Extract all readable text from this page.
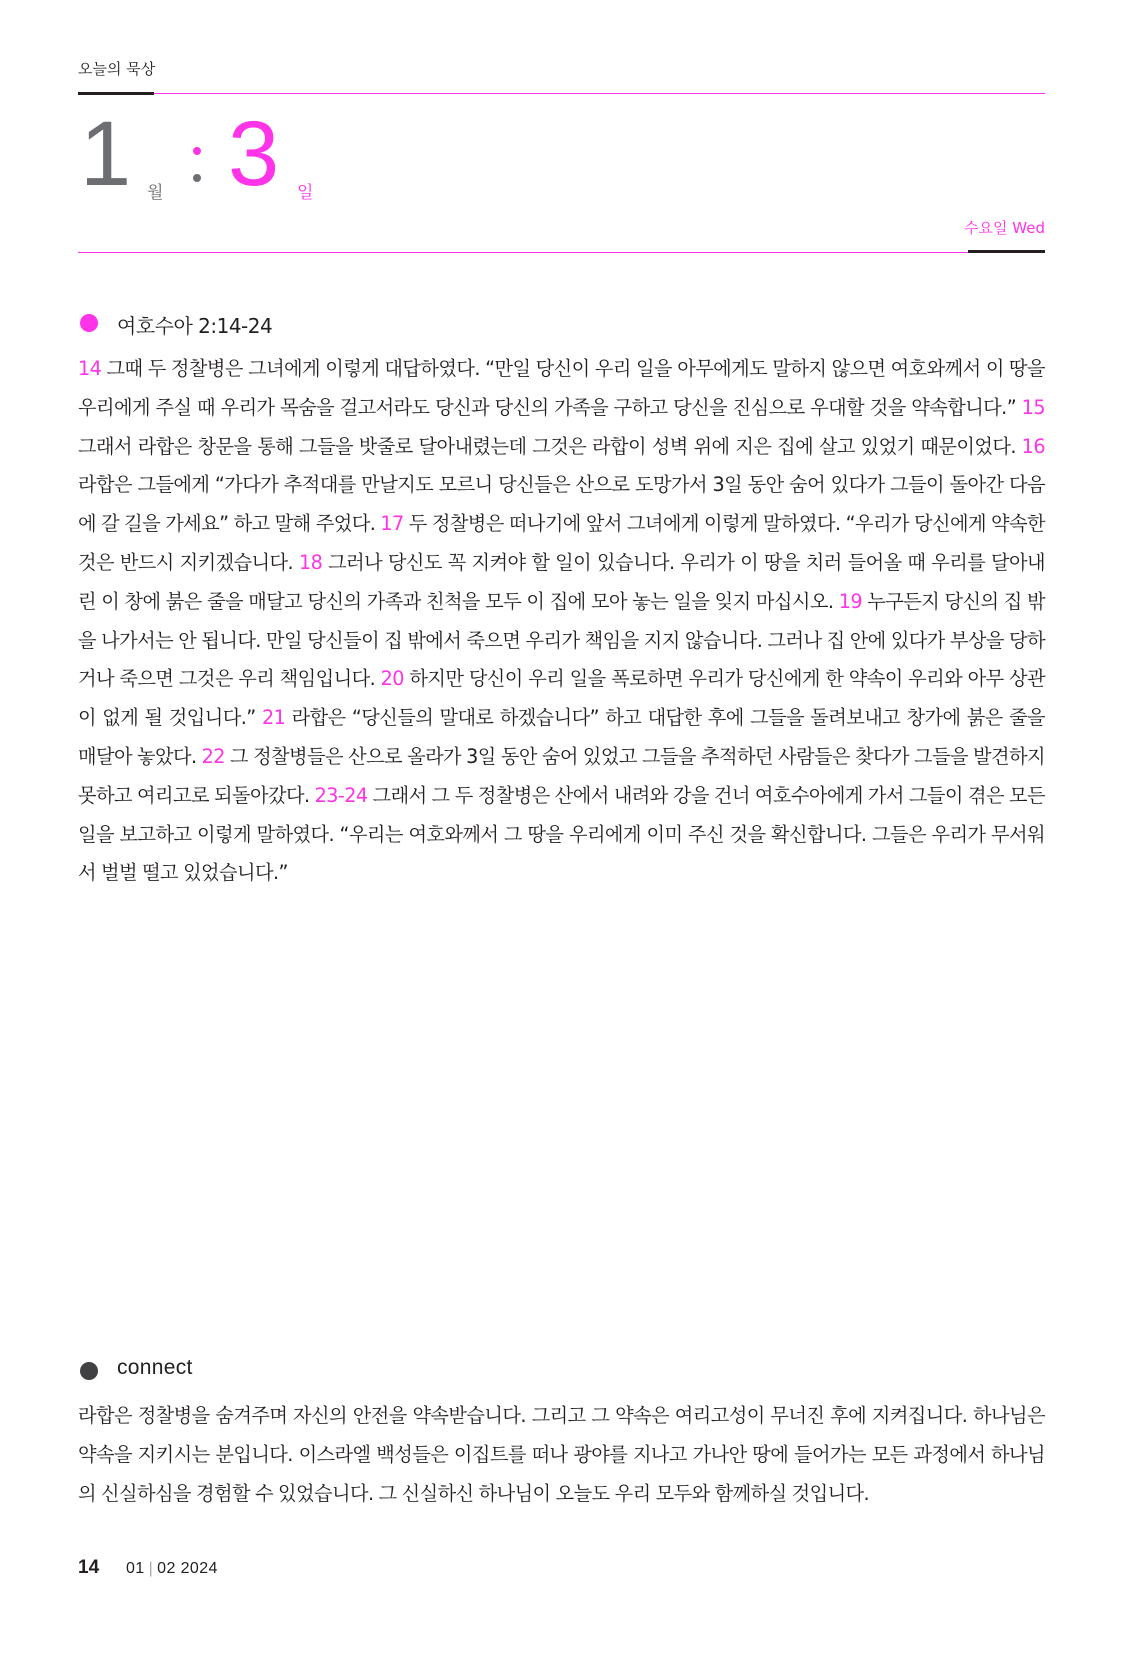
오늘의 묵상
1 월 3 일
수요일 Wed
여호수아 2:14-24
14 그때 두 정찰병은 그녀에게 이렇게 대답하였다. “만일 당신이 우리 일을 아무에게도 말하지 않으면 여호와께서 이 땅을 우리에게 주실 때 우리가 목숨을 걸고서라도 당신과 당신의 가족을 구하고 당신을 진심으로 우대할 것을 약속합니다.” 15 그래서 라합은 창문을 통해 그들을 밧줄로 달아내렸는데 그것은 라합이 성벽 위에 지은 집에 살고 있었기 때문이었다. 16 라합은 그들에게 “가다가 추적대를 만날지도 모르니 당신들은 산으로 도망가서 3일 동안 숨어 있다가 그들이 돌아간 다음에 갈 길을 가세요” 하고 말해 주었다. 17 두 정찰병은 떠나기에 앞서 그녀에게 이렇게 말하였다. “우리가 당신에게 약속한 것은 반드시 지키겠습니다. 18 그러나 당신도 꼭 지켜야 할 일이 있습니다. 우리가 이 땅을 치러 들어올 때 우리를 달아내린 이 창에 붉은 줄을 매달고 당신의 가족과 친척을 모두 이 집에 모아 놓는 일을 잊지 마십시오. 19 누구든지 당신의 집 밖을 나가서는 안 됩니다. 만일 당신들이 집 밖에서 죽으면 우리가 책임을 지지 않습니다. 그러나 집 안에 있다가 부상을 당하거나 죽으면 그것은 우리 책임입니다. 20 하지만 당신이 우리 일을 폭로하면 우리가 당신에게 한 약속이 우리와 아무 상관이 없게 될 것입니다.” 21 라합은 “당신들의 말대로 하겠습니다” 하고 대답한 후에 그들을 돌려보내고 창가에 붉은 줄을 매달아 놓았다. 22 그 정찰병들은 산으로 올라가 3일 동안 숨어 있었고 그들을 추적하던 사람들은 찾다가 그들을 발견하지 못하고 여리고로 되돌아갔다. 23-24 그래서 그 두 정찰병은 산에서 내려와 강을 건너 여호수아에게 가서 그들이 겪은 모든 일을 보고하고 이렇게 말하였다. “우리는 여호와께서 그 땅을 우리에게 이미 주신 것을 확신합니다. 그들은 우리가 무서워서 벌벌 떨고 있었습니다.”
connect
라합은 정찰병을 숨겨주며 자신의 안전을 약속받습니다. 그리고 그 약속은 여리고성이 무너진 후에 지켜집니다. 하나님은 약속을 지키시는 분입니다. 이스라엘 백성들은 이집트를 떠나 광야를 지나고 가나안 땅에 들어가는 모든 과정에서 하나님의 신실하심을 경험할 수 있었습니다. 그 신실하신 하나님이 오늘도 우리 모두와 함께하실 것입니다.
14 01 | 02 2024
